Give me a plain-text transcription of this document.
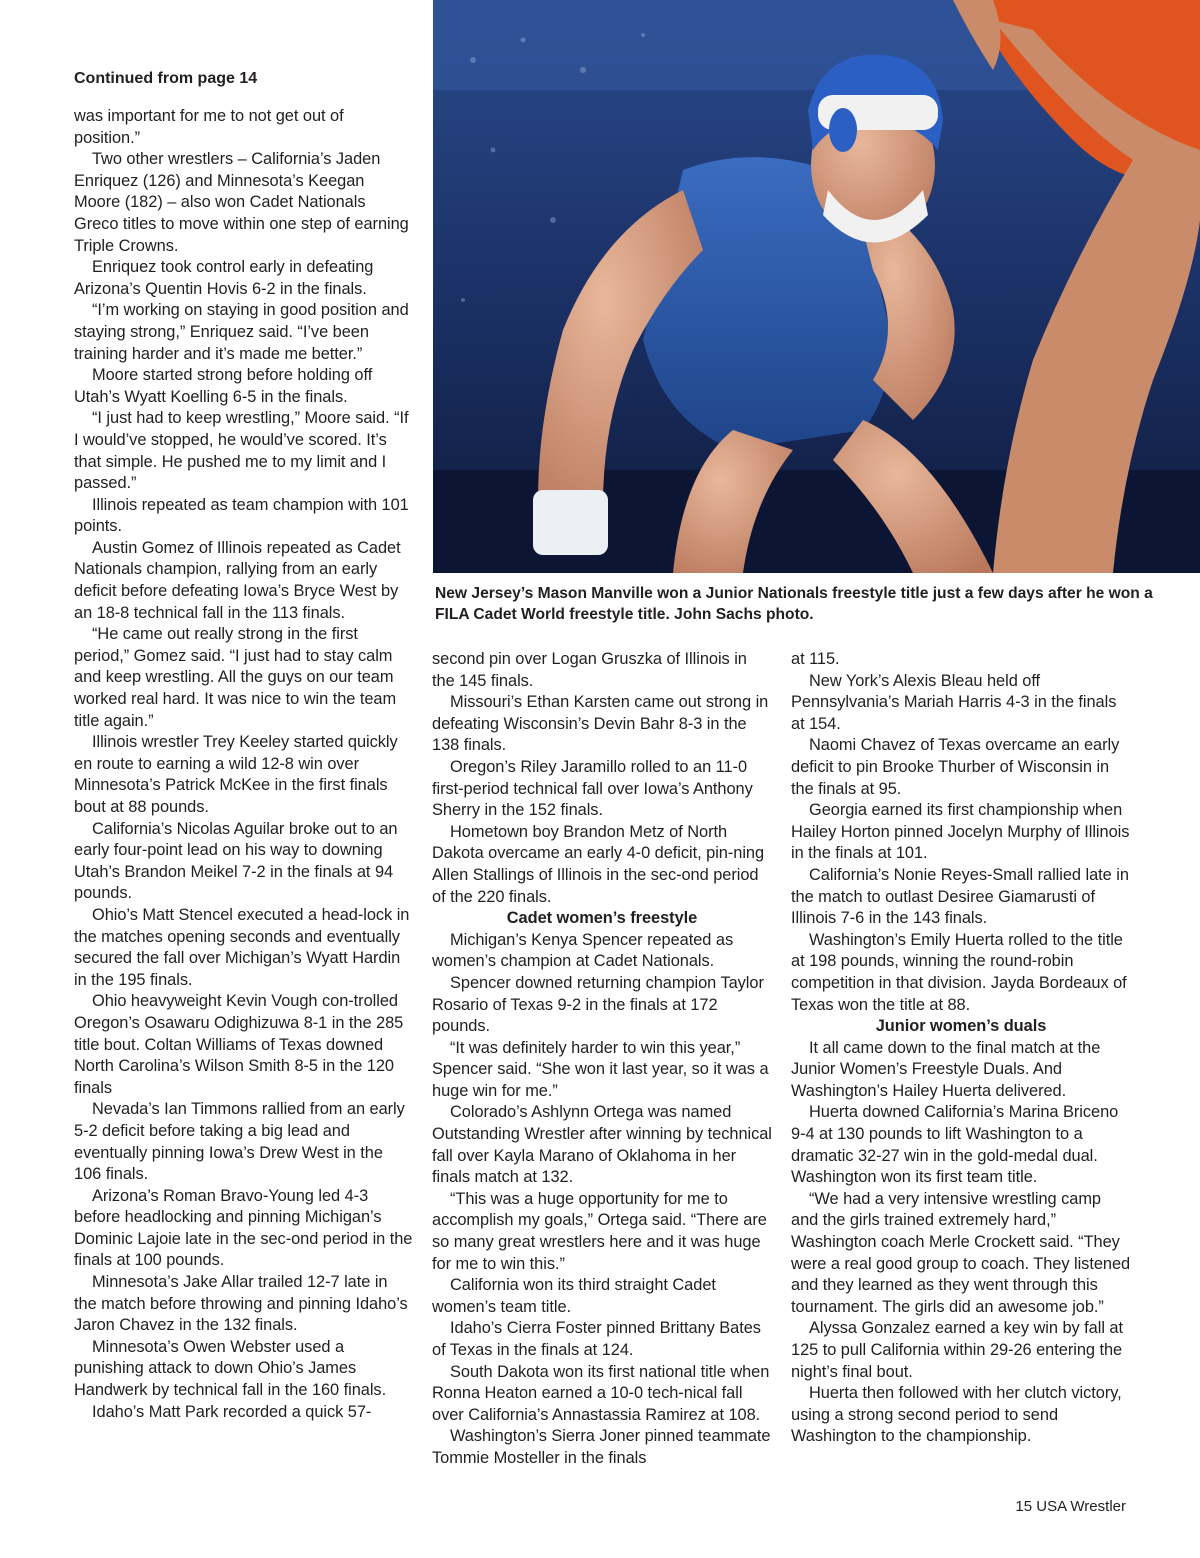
Continued from page 14

was important for me to not get out of position.”

Two other wrestlers – California’s Jaden Enriquez (126) and Minnesota’s Keegan Moore (182) – also won Cadet Nationals Greco titles to move within one step of earning Triple Crowns.

Enriquez took control early in defeating Arizona’s Quentin Hovis 6-2 in the finals.

“I’m working on staying in good position and staying strong,” Enriquez said. “I’ve been training harder and it’s made me better.”

Moore started strong before holding off Utah’s Wyatt Koelling 6-5 in the finals.

“I just had to keep wrestling,” Moore said. “If I would’ve stopped, he would’ve scored. It’s that simple. He pushed me to my limit and I passed.”

Illinois repeated as team champion with 101 points.

Austin Gomez of Illinois repeated as Cadet Nationals champion, rallying from an early deficit before defeating Iowa’s Bryce West by an 18-8 technical fall in the 113 finals.

“He came out really strong in the first period,” Gomez said. “I just had to stay calm and keep wrestling. All the guys on our team worked real hard. It was nice to win the team title again.”

Illinois wrestler Trey Keeley started quickly en route to earning a wild 12-8 win over Minnesota’s Patrick McKee in the first finals bout at 88 pounds.

California’s Nicolas Aguilar broke out to an early four-point lead on his way to downing Utah’s Brandon Meikel 7-2 in the finals at 94 pounds.

Ohio’s Matt Stencel executed a head-lock in the matches opening seconds and eventually secured the fall over Michigan’s Wyatt Hardin in the 195 finals.

Ohio heavyweight Kevin Vough con-trolled Oregon’s Osawaru Odighizuwa 8-1 in the 285 title bout. Coltan Williams of Texas downed North Carolina’s Wilson Smith 8-5 in the 120 finals

Nevada’s Ian Timmons rallied from an early 5-2 deficit before taking a big lead and eventually pinning Iowa’s Drew West in the 106 finals.

Arizona’s Roman Bravo-Young led 4-3 before headlocking and pinning Michigan’s Dominic Lajoie late in the sec-ond period in the finals at 100 pounds.

Minnesota’s Jake Allar trailed 12-7 late in the match before throwing and pinning Idaho’s Jaron Chavez in the 132 finals.

Minnesota’s Owen Webster used a punishing attack to down Ohio’s James Handwerk by technical fall in the 160 finals.

Idaho’s Matt Park recorded a quick 57-

New Jersey’s Mason Manville won a Junior Nationals freestyle title just a few days after he won a FILA Cadet World freestyle title. John Sachs photo.

second pin over Logan Gruszka of Illinois in the 145 finals.

Missouri’s Ethan Karsten came out strong in defeating Wisconsin’s Devin Bahr 8-3 in the 138 finals.

Oregon’s Riley Jaramillo rolled to an 11-0 first-period technical fall over Iowa’s Anthony Sherry in the 152 finals.

Hometown boy Brandon Metz of North Dakota overcame an early 4-0 deficit, pin-ning Allen Stallings of Illinois in the sec-ond period of the 220 finals.

Cadet women’s freestyle

Michigan’s Kenya Spencer repeated as women’s champion at Cadet Nationals.

Spencer downed returning champion Taylor Rosario of Texas 9-2 in the finals at 172 pounds.

“It was definitely harder to win this year,” Spencer said. “She won it last year, so it was a huge win for me.”

Colorado’s Ashlynn Ortega was named Outstanding Wrestler after winning by technical fall over Kayla Marano of Oklahoma in her finals match at 132.

“This was a huge opportunity for me to accomplish my goals,” Ortega said. “There are so many great wrestlers here and it was huge for me to win this.”

California won its third straight Cadet women’s team title.

Idaho’s Cierra Foster pinned Brittany Bates of Texas in the finals at 124.

South Dakota won its first national title when Ronna Heaton earned a 10-0 tech-nical fall over California’s Annastassia Ramirez at 108.

Washington’s Sierra Joner pinned teammate Tommie Mosteller in the finals

at 115.

New York’s Alexis Bleau held off Pennsylvania’s Mariah Harris 4-3 in the finals at 154.

Naomi Chavez of Texas overcame an early deficit to pin Brooke Thurber of Wisconsin in the finals at 95.

Georgia earned its first championship when Hailey Horton pinned Jocelyn Murphy of Illinois in the finals at 101.

California’s Nonie Reyes-Small rallied late in the match to outlast Desiree Giamarusti of Illinois 7-6 in the 143 finals.

Washington’s Emily Huerta rolled to the title at 198 pounds, winning the round-robin competition in that division. Jayda Bordeaux of Texas won the title at 88.

Junior women’s duals

It all came down to the final match at the Junior Women’s Freestyle Duals. And Washington’s Hailey Huerta delivered.

Huerta downed California’s Marina Briceno 9-4 at 130 pounds to lift Washington to a dramatic 32-27 win in the gold-medal dual. Washington won its first team title.

“We had a very intensive wrestling camp and the girls trained extremely hard,” Washington coach Merle Crockett said. “They were a real good group to coach. They listened and they learned as they went through this tournament. The girls did an awesome job.”

Alyssa Gonzalez earned a key win by fall at 125 to pull California within 29-26 entering the night’s final bout.

Huerta then followed with her clutch victory, using a strong second period to send Washington to the championship.

15 USA Wrestler
